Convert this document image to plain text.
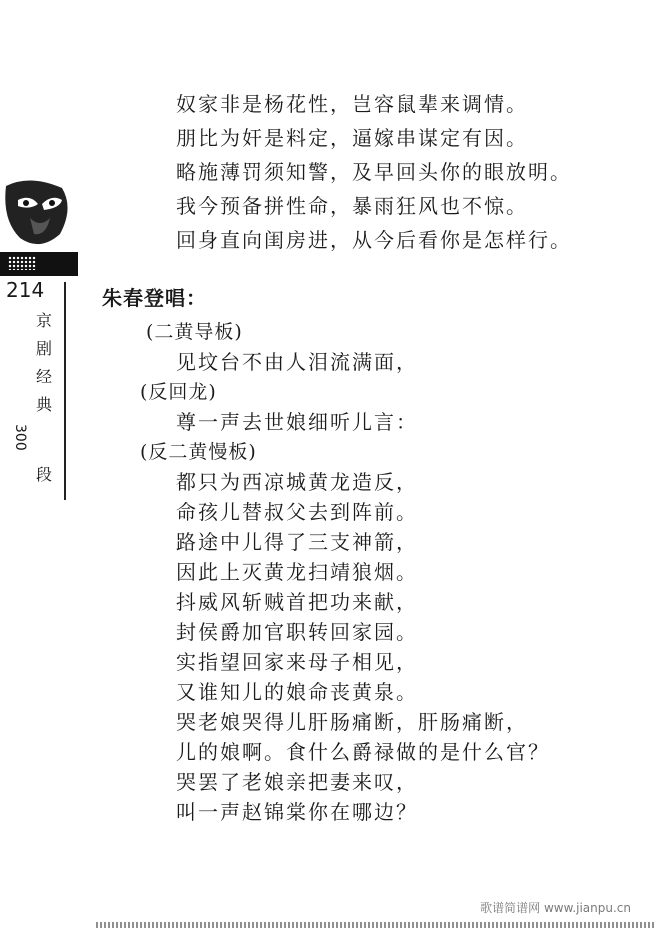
214
京
剧
经
典
300
段
奴家非是杨花性，岂容鼠辈来调情。
朋比为奸是料定，逼嫁串谋定有因。
略施薄罚须知警，及早回头你的眼放明。
我今预备拼性命，暴雨狂风也不惊。
回身直向闺房进，从今后看你是怎样行。
朱春登唱：
(二黄导板)
见坟台不由人泪流满面，
(反回龙)
尊一声去世娘细听儿言：
(反二黄慢板)
都只为西凉城黄龙造反，
命孩儿替叔父去到阵前。
路途中儿得了三支神箭，
因此上灭黄龙扫靖狼烟。
抖威风斩贼首把功来献，
封侯爵加官职转回家园。
实指望回家来母子相见，
又谁知儿的娘命丧黄泉。
哭老娘哭得儿肝肠痛断，肝肠痛断，
儿的娘啊。食什么爵禄做的是什么官？
哭罢了老娘亲把妻来叹，
叫一声赵锦棠你在哪边？
歌谱简谱网 www.jianpu.cn
